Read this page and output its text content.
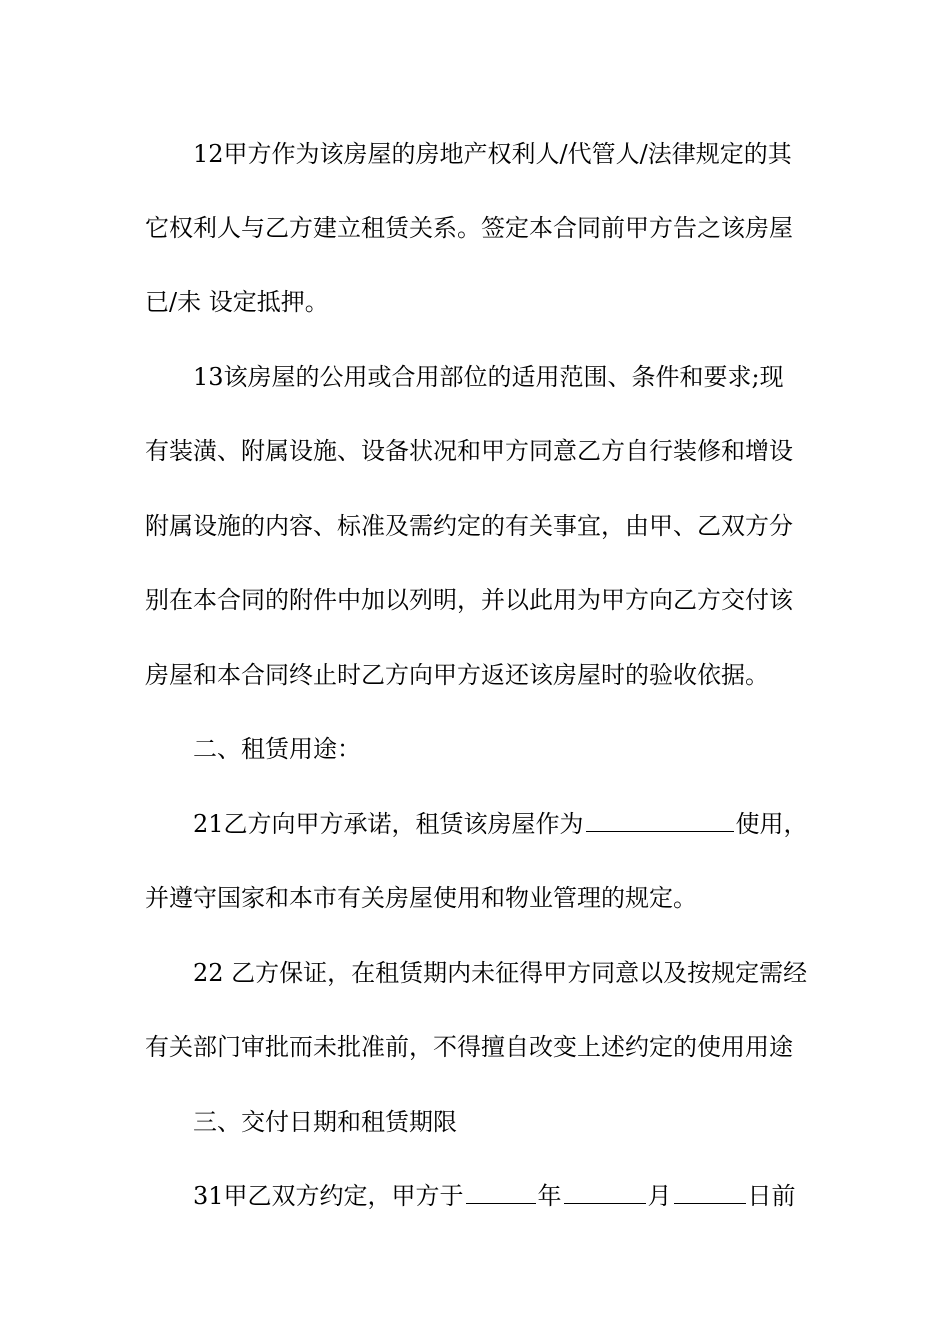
12甲方作为该房屋的房地产权利人/代管人/法律规定的其
它权利人与乙方建立租赁关系。签定本合同前甲方告之该房屋
已/未 设定抵押。
13该房屋的公用或合用部位的适用范围、条件和要求;现
有装潢、附属设施、设备状况和甲方同意乙方自行装修和增设
附属设施的内容、标准及需约定的有关事宜，由甲、乙双方分
别在本合同的附件中加以列明，并以此用为甲方向乙方交付该
房屋和本合同终止时乙方向甲方返还该房屋时的验收依据。
二、租赁用途：
21乙方向甲方承诺，租赁该房屋作为	使用，
并遵守国家和本市有关房屋使用和物业管理的规定。
22 乙方保证，在租赁期内未征得甲方同意以及按规定需经
有关部门审批而未批准前，不得擅自改变上述约定的使用用途
三、交付日期和租赁期限
31甲乙双方约定，甲方于	年	月	日前
